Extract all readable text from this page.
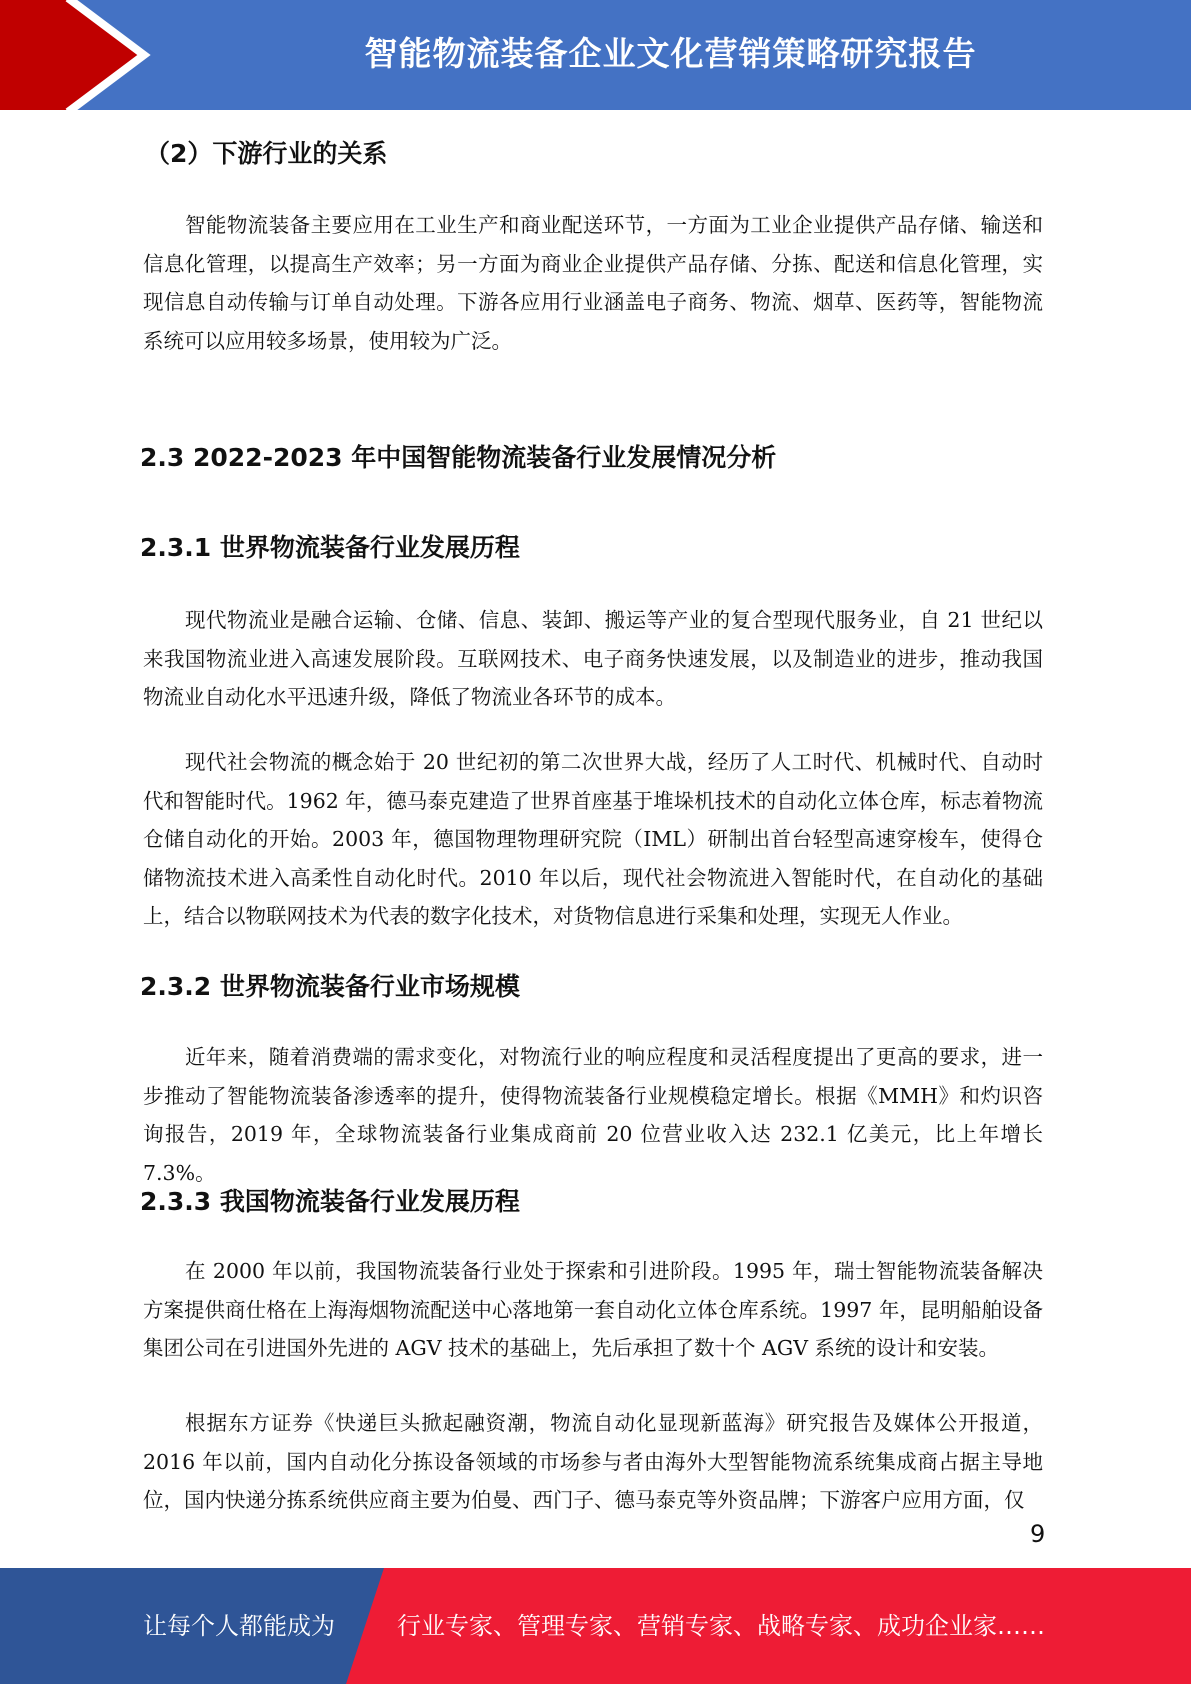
智能物流装备企业文化营销策略研究报告
（2）下游行业的关系

智能物流装备主要应用在工业生产和商业配送环节，一方面为工业企业提供产品存储、输送和信息化管理，以提高生产效率；另一方面为商业企业提供产品存储、分拣、配送和信息化管理，实现信息自动传输与订单自动处理。下游各应用行业涵盖电子商务、物流、烟草、医药等，智能物流系统可以应用较多场景，使用较为广泛。

2.3 2022-2023 年中国智能物流装备行业发展情况分析
2.3.1 世界物流装备行业发展历程

现代物流业是融合运输、仓储、信息、装卸、搬运等产业的复合型现代服务业，自 21 世纪以来我国物流业进入高速发展阶段。互联网技术、电子商务快速发展，以及制造业的进步，推动我国物流业自动化水平迅速升级，降低了物流业各环节的成本。

现代社会物流的概念始于 20 世纪初的第二次世界大战，经历了人工时代、机械时代、自动时代和智能时代。1962 年，德马泰克建造了世界首座基于堆垛机技术的自动化立体仓库，标志着物流仓储自动化的开始。2003 年，德国物理物理研究院（IML）研制出首台轻型高速穿梭车，使得仓储物流技术进入高柔性自动化时代。2010 年以后，现代社会物流进入智能时代，在自动化的基础上，结合以物联网技术为代表的数字化技术，对货物信息进行采集和处理，实现无人作业。

2.3.2 世界物流装备行业市场规模

近年来，随着消费端的需求变化，对物流行业的响应程度和灵活程度提出了更高的要求，进一步推动了智能物流装备渗透率的提升，使得物流装备行业规模稳定增长。根据《MMH》和灼识咨询报告，2019 年，全球物流装备行业集成商前 20 位营业收入达 232.1 亿美元，比上年增长 7.3%。

2.3.3 我国物流装备行业发展历程

在 2000 年以前，我国物流装备行业处于探索和引进阶段。1995 年，瑞士智能物流装备解决方案提供商仕格在上海海烟物流配送中心落地第一套自动化立体仓库系统。1997 年，昆明船舶设备集团公司在引进国外先进的 AGV 技术的基础上，先后承担了数十个 AGV 系统的设计和安装。

根据东方证券《快递巨头掀起融资潮，物流自动化显现新蓝海》研究报告及媒体公开报道，2016 年以前，国内自动化分拣设备领域的市场参与者由海外大型智能物流系统集成商占据主导地位，国内快递分拣系统供应商主要为伯曼、西门子、德马泰克等外资品牌；下游客户应用方面，仅

9
让每个人都能成为	行业专家、管理专家、营销专家、战略专家、成功企业家……
